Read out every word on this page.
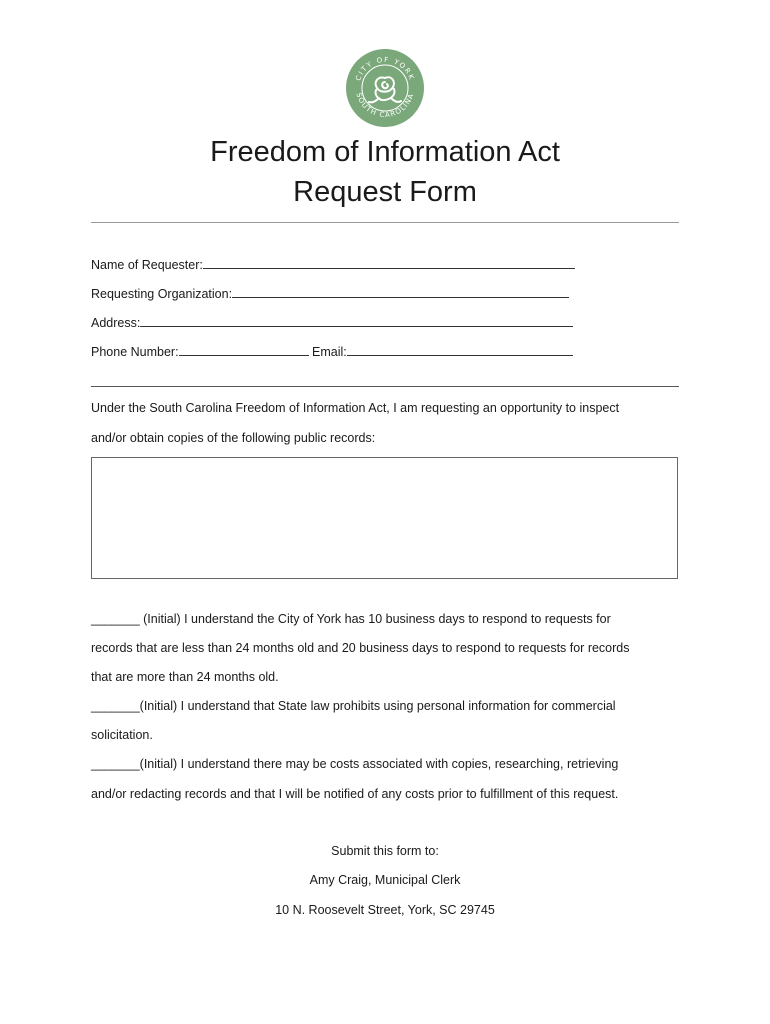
CITY OF YORK
SOUTH CAROLINA
Freedom of Information Act
Request Form
Name of Requester:
Requesting Organization:
Address:
Phone Number:	Email:
Under the South Carolina Freedom of Information Act, I am requesting an opportunity to inspect
and/or obtain copies of the following public records:
_______ (Initial) I understand the City of York has 10 business days to respond to requests for
records that are less than 24 months old and 20 business days to respond to requests for records
that are more than 24 months old.
_______(Initial) I understand that State law prohibits using personal information for commercial
solicitation.
_______(Initial) I understand there may be costs associated with copies, researching, retrieving
and/or redacting records and that I will be notified of any costs prior to fulfillment of this request.
Submit this form to:
Amy Craig, Municipal Clerk
10 N. Roosevelt Street, York, SC 29745
